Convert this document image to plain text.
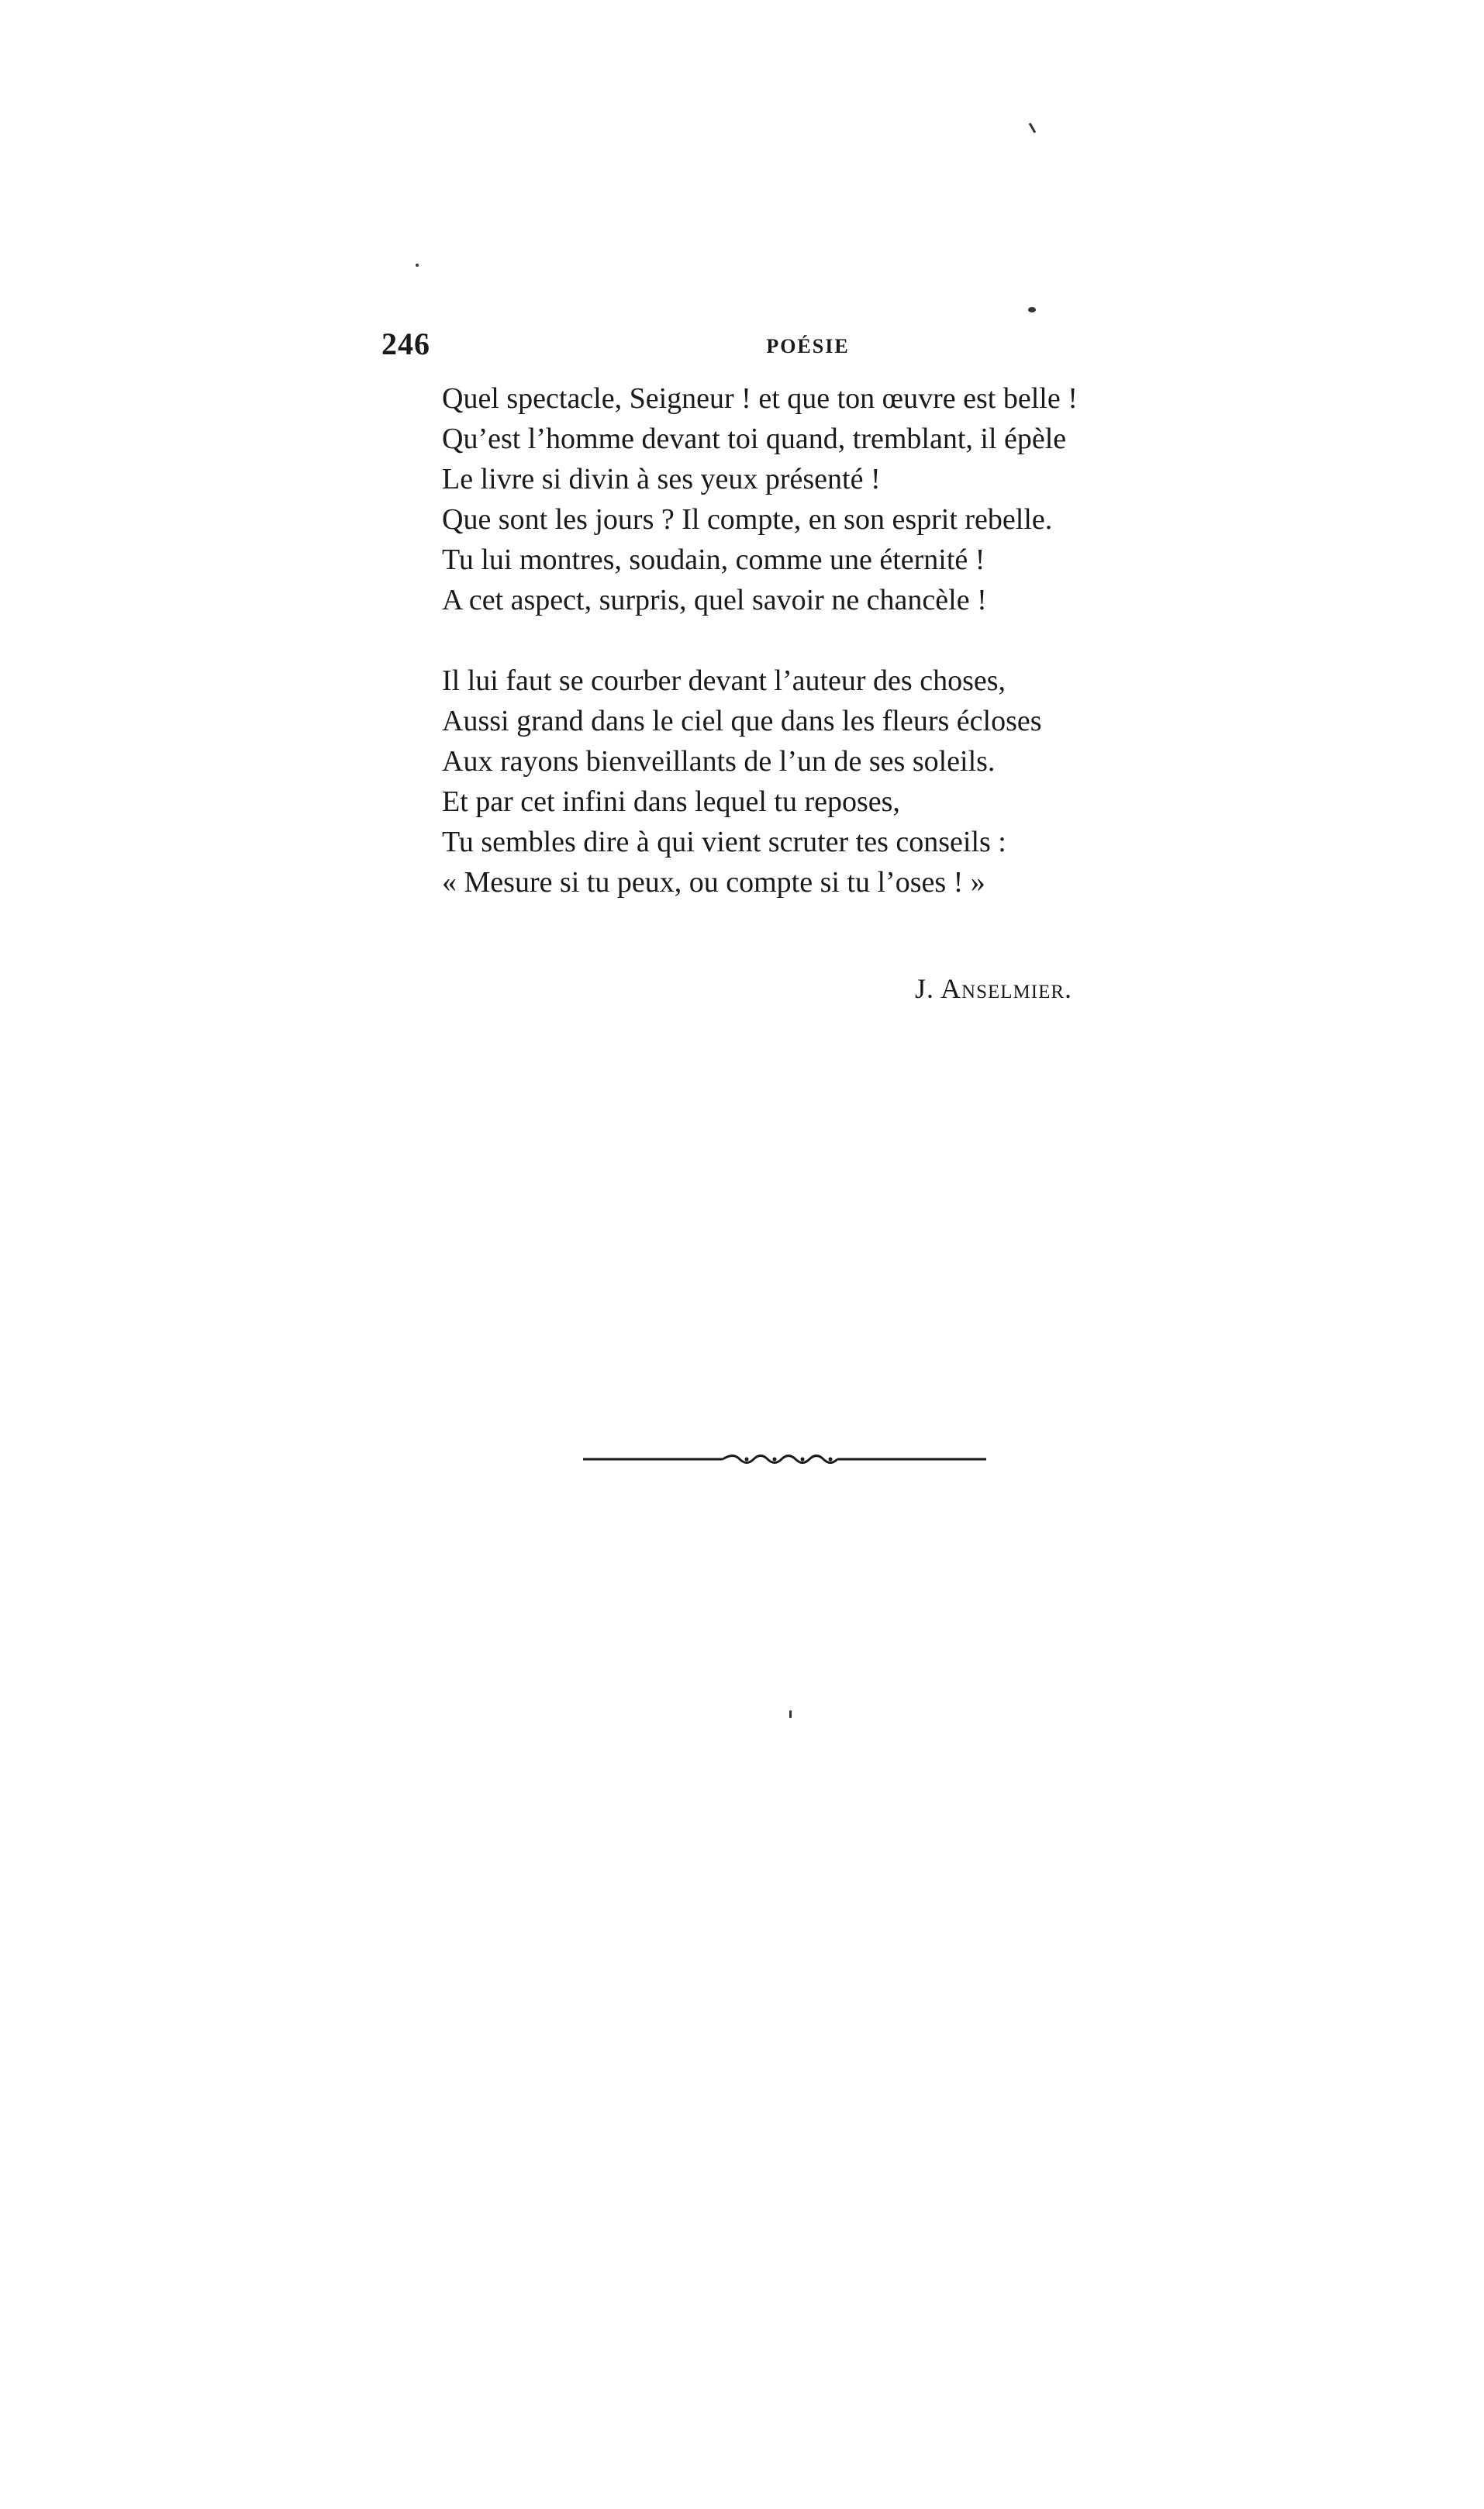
246	POÉSIE
Quel spectacle, Seigneur ! et que ton œuvre est belle !
Qu’est l’homme devant toi quand, tremblant, il épèle
Le livre si divin à ses yeux présenté !
Que sont les jours ? Il compte, en son esprit rebelle.
Tu lui montres, soudain, comme une éternité !
A cet aspect, surpris, quel savoir ne chancèle !
Il lui faut se courber devant l’auteur des choses,
Aussi grand dans le ciel que dans les fleurs écloses
Aux rayons bienveillants de l’un de ses soleils.
Et par cet infini dans lequel tu reposes,
Tu sembles dire à qui vient scruter tes conseils :
« Mesure si tu peux, ou compte si tu l’oses ! »
J. Anselmier.
